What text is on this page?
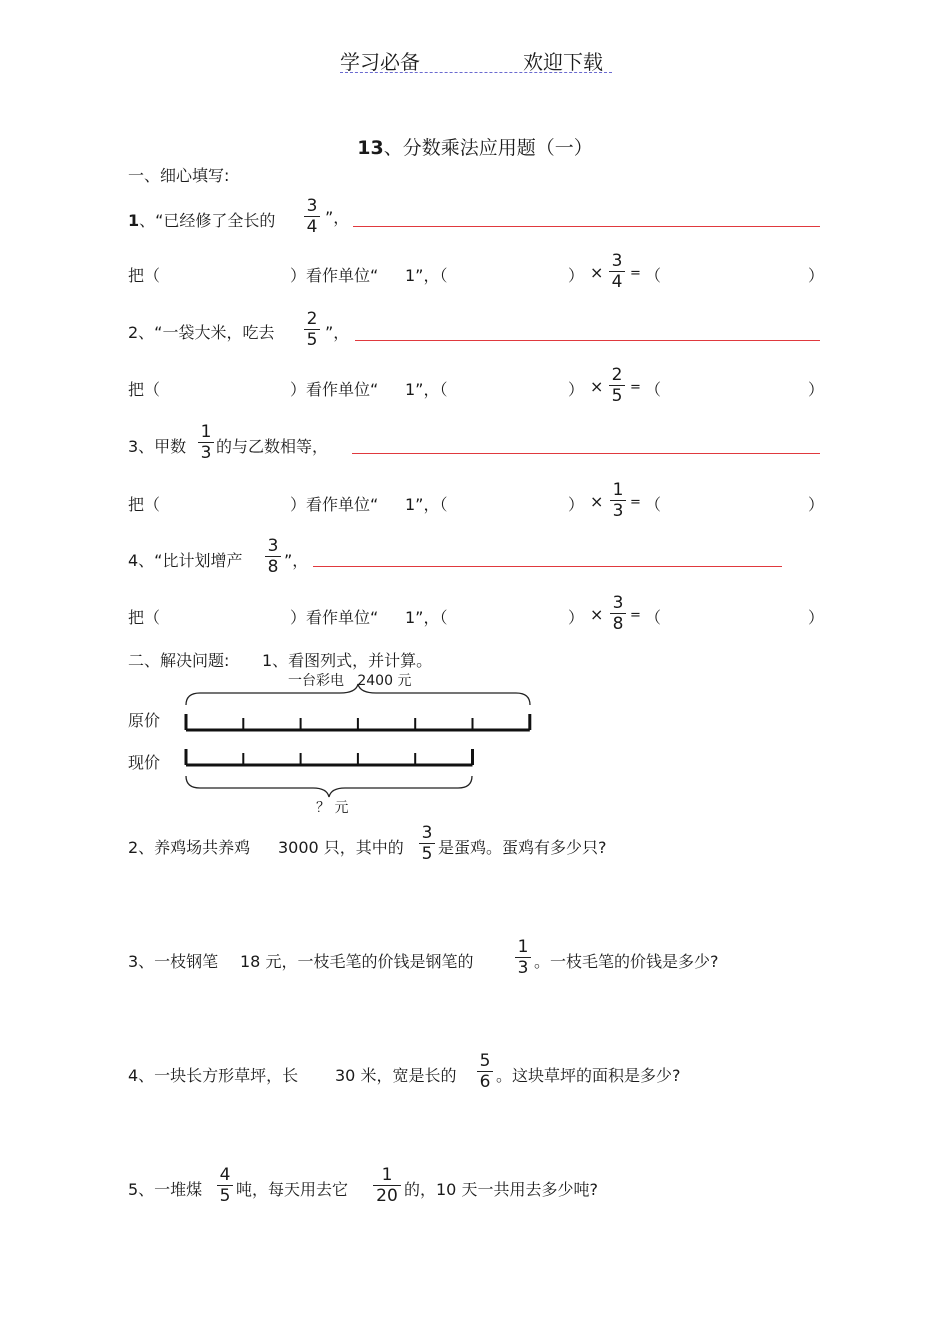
学习必备	欢迎下载
13、分数乘法应用题（一）
一、细心填写:
1、“已经修了全长的
3
4 ”，
把（	）看作单位“ 1”，（	） ×
3
4 = （	）
2、“一袋大米，吃去
2
5 ”，
把（	）看作单位“ 1”，（	） ×
2
5 = （	）
3、甲数
1
3 的与乙数相等，
把（	）看作单位“ 1”，（	） ×
1
3 = （	）
4、“比计划增产
3
8 ”，
把（	）看作单位“ 1”，（	） ×
3
8 = （	）
二、解决问题: 1、看图列式，并计算。
一台彩电 2400 元
原价
现价
？ 元
2、养鸡场共养鸡 3000 只，其中的
3
5 是蛋鸡。蛋鸡有多少只?
3、一枝钢笔 18 元，一枝毛笔的价钱是钢笔的
1
3 。一枝毛笔的价钱是多少?
4、一块长方形草坪，长 30 米，宽是长的
5
6 。这块草坪的面积是多少?
5、一堆煤
4
5 吨，每天用去它
1
20 的，10 天一共用去多少吨?
